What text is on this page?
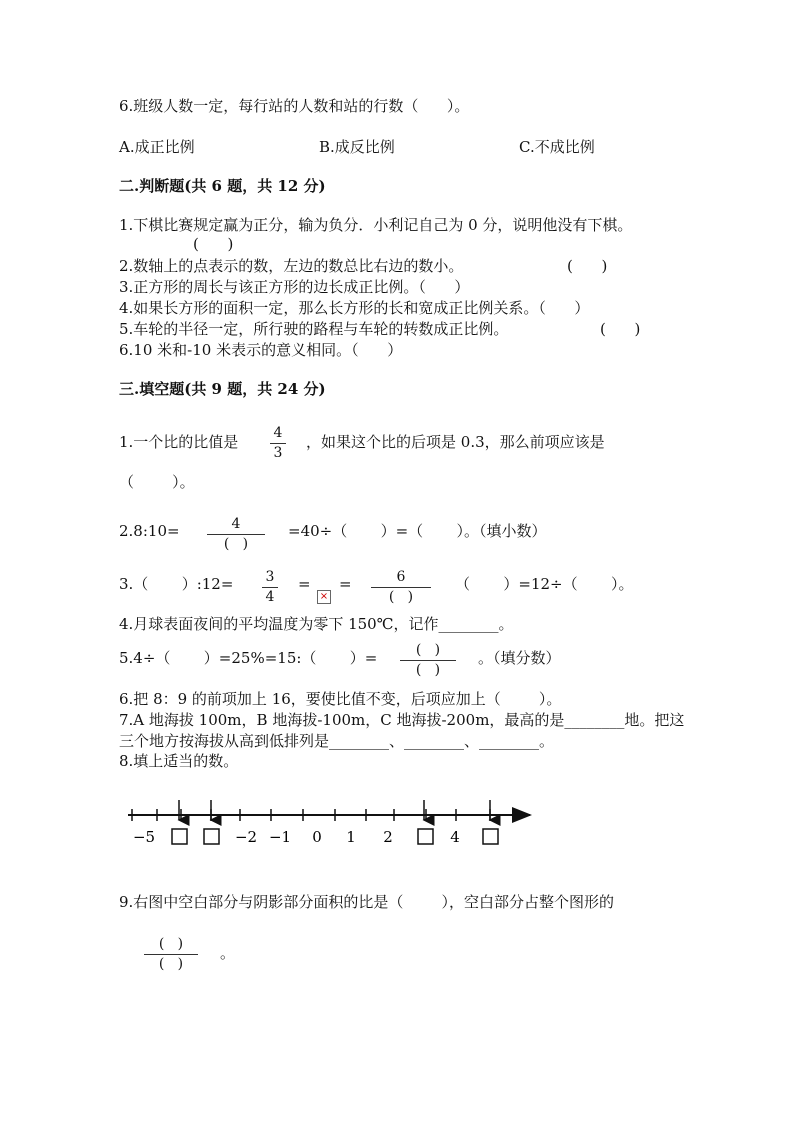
6.班级人数一定，每行站的人数和站的行数（      ）。
A.成正比例	B.成反比例	C.不成比例
二.判断题(共 6 题，共 12 分)
1.下棋比赛规定赢为正分，输为负分．小利记自己为 0 分，说明他没有下棋。
(      )
2.数轴上的点表示的数，左边的数总比右边的数小。	(      )
3.正方形的周长与该正方形的边长成正比例。（      ）
4.如果长方形的面积一定，那么长方形的长和宽成正比例关系。（      ）
5.车轮的半径一定，所行驶的路程与车轮的转数成正比例。	(      )
6.10 米和-10 米表示的意义相同。（      ）
三.填空题(共 9 题，共 24 分)
1.一个比的比值是	4
3
，如果这个比的后项是 0.3，那么前项应该是
（        ）。
2.8:10=	4
(   )
=40÷（       ）=（       ）。（填小数）
3.（       ）:12= 3
4
=
×
=	6
(   )
（       ）=12÷（       ）。
4.月球表面夜间的平均温度为零下 150℃，记作________。
5.4÷（       ）=25%=15:（       ）=	(   )
(   )
。（填分数）
6.把 8：9 的前项加上 16，要使比值不变，后项应加上（        ）。
7.A 地海拔 100m，B 地海拔-100m，C 地海拔-200m，最高的是________地。把这
三个地方按海拔从高到低排列是________、________、________。
8.填上适当的数。
−5	−2 −1 0 1 2	4
9.右图中空白部分与阴影部分面积的比是（        ），空白部分占整个图形的
(   )
(   )
。
